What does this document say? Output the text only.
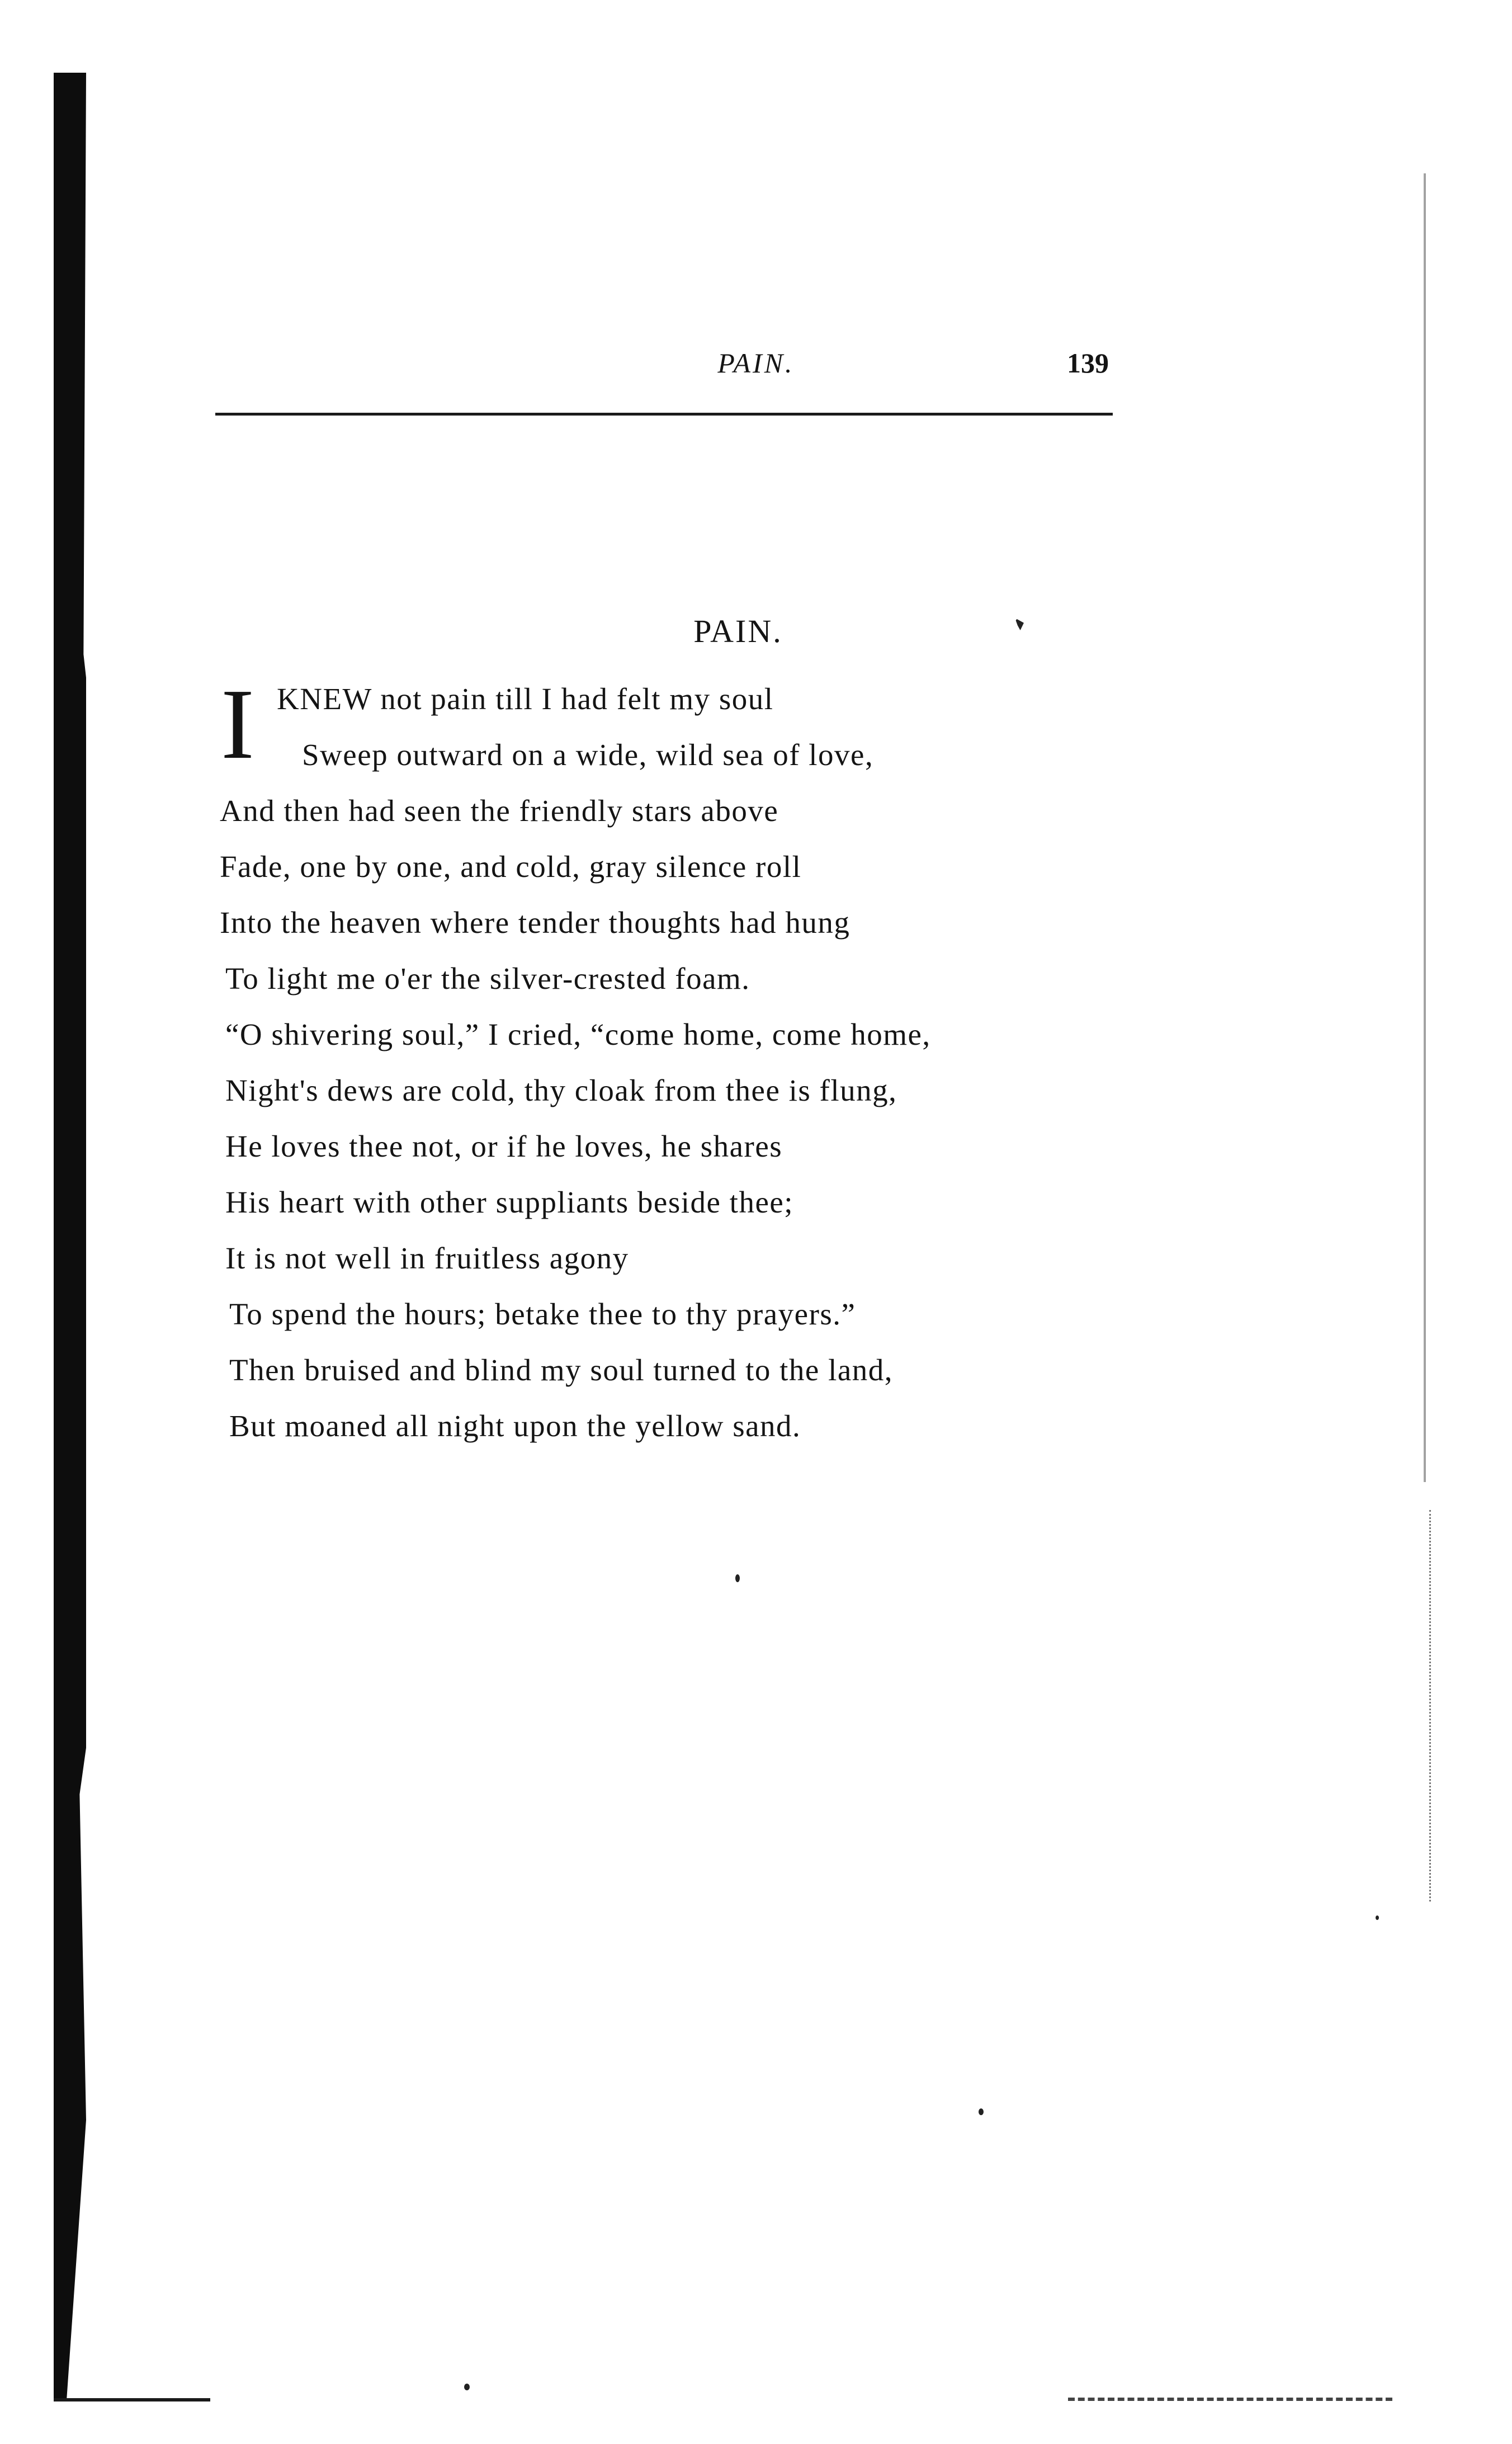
PAIN.	139
PAIN.
I KNEW not pain till I had felt my soul
Sweep outward on a wide, wild sea of love,
And then had seen the friendly stars above
Fade, one by one, and cold, gray silence roll
Into the heaven where tender thoughts had hung
To light me o'er the silver-crested foam.
“O shivering soul,” I cried, “come home, come home,
Night's dews are cold, thy cloak from thee is flung,
He loves thee not, or if he loves, he shares
His heart with other suppliants beside thee;
It is not well in fruitless agony
To spend the hours; betake thee to thy prayers.”
Then bruised and blind my soul turned to the land,
But moaned all night upon the yellow sand.
